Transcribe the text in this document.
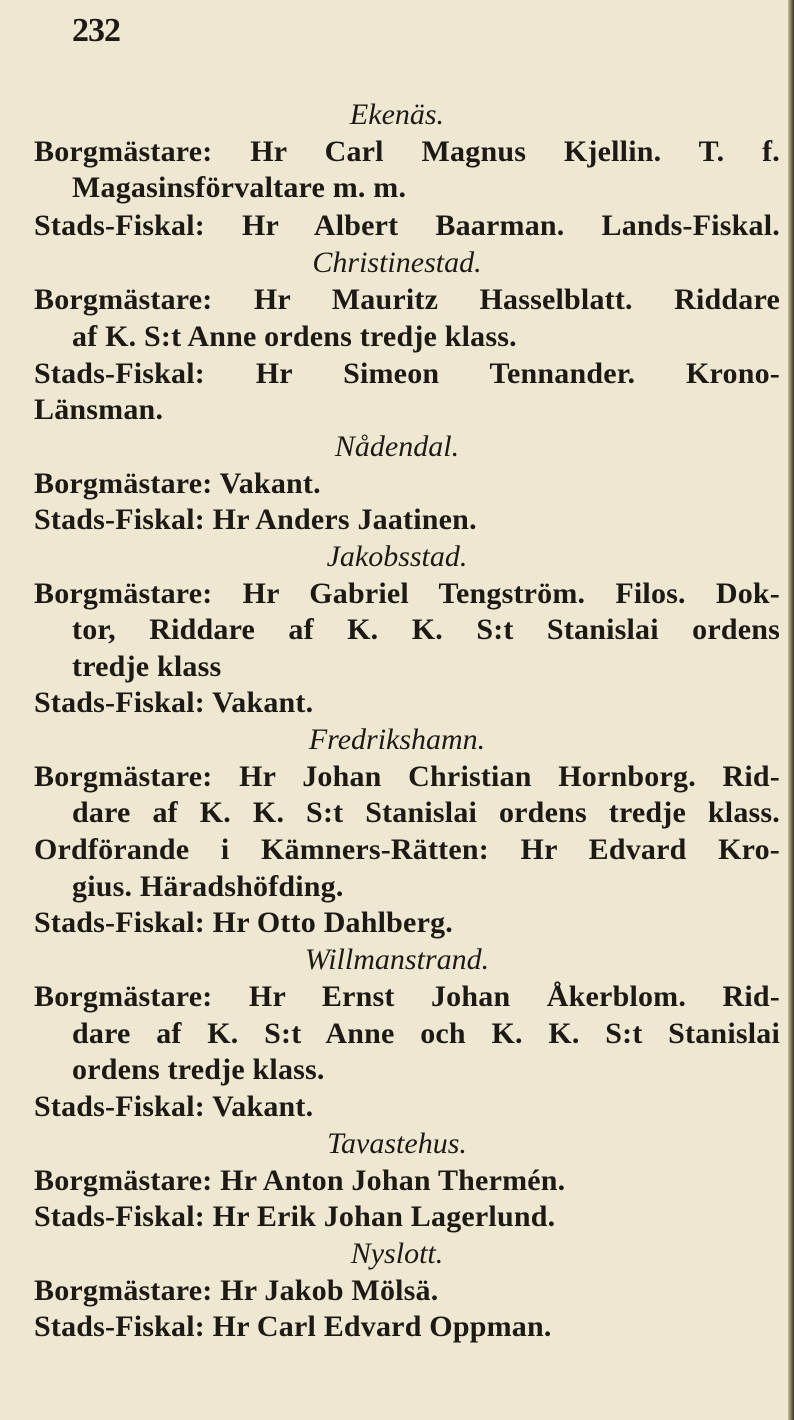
232
Ekenäs.
Borgmästare: Hr Carl Magnus Kjellin. T. f.
Magasinsförvaltare m. m.
Stads-Fiskal: Hr Albert Baarman. Lands-Fiskal.
Christinestad.
Borgmästare: Hr Mauritz Hasselblatt. Riddare
af K. S:t Anne ordens tredje klass.
Stads-Fiskal: Hr Simeon Tennander. Krono-
Länsman.
Nådendal.
Borgmästare: Vakant.
Stads-Fiskal: Hr Anders Jaatinen.
Jakobsstad.
Borgmästare: Hr Gabriel Tengström. Filos. Dok-
tor, Riddare af K. K. S:t Stanislai ordens
tredje klass
Stads-Fiskal: Vakant.
Fredrikshamn.
Borgmästare: Hr Johan Christian Hornborg. Rid-
dare af K. K. S:t Stanislai ordens tredje klass.
Ordförande i Kämners-Rätten: Hr Edvard Kro-
gius. Häradshöfding.
Stads-Fiskal: Hr Otto Dahlberg.
Willmanstrand.
Borgmästare: Hr Ernst Johan Åkerblom. Rid-
dare af K. S:t Anne och K. K. S:t Stanislai
ordens tredje klass.
Stads-Fiskal: Vakant.
Tavastehus.
Borgmästare: Hr Anton Johan Thermén.
Stads-Fiskal: Hr Erik Johan Lagerlund.
Nyslott.
Borgmästare: Hr Jakob Mölsä.
Stads-Fiskal: Hr Carl Edvard Oppman.
